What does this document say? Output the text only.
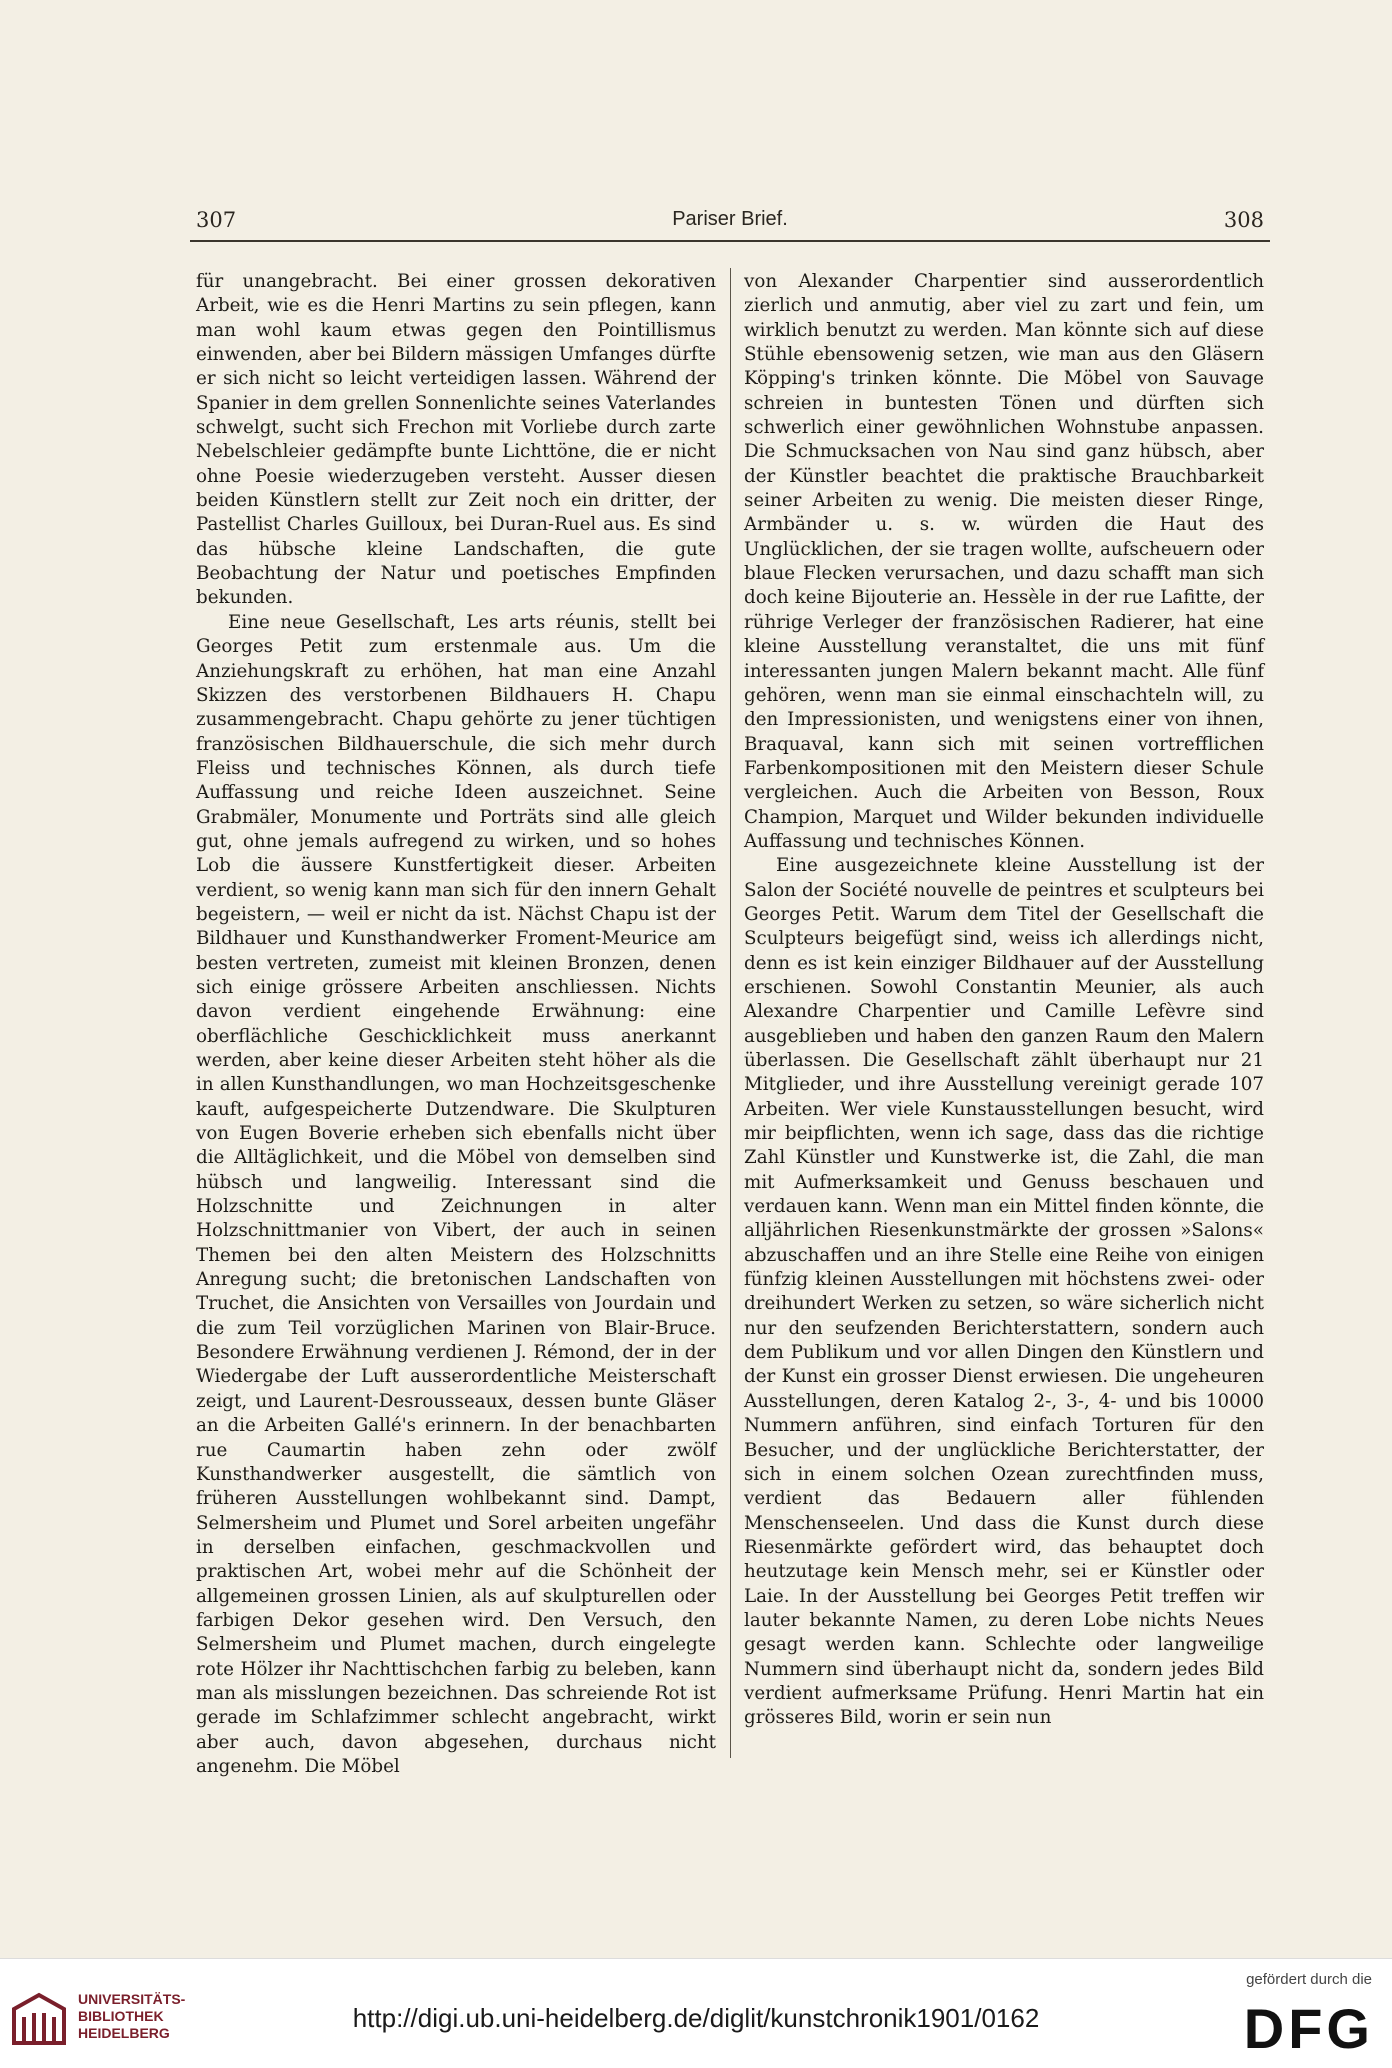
307	Pariser Brief.	308

für unangebracht. Bei einer grossen dekorativen Arbeit, wie es die Henri Martins zu sein pflegen, kann man wohl kaum etwas gegen den Pointillismus einwenden, aber bei Bildern mässigen Umfanges dürfte er sich nicht so leicht verteidigen lassen. Während der Spanier in dem grellen Sonnenlichte seines Vaterlandes schwelgt, sucht sich Frechon mit Vorliebe durch zarte Nebelschleier gedämpfte bunte Lichttöne, die er nicht ohne Poesie wiederzugeben versteht. Ausser diesen beiden Künstlern stellt zur Zeit noch ein dritter, der Pastellist Charles Guilloux, bei Duran-Ruel aus. Es sind das hübsche kleine Landschaften, die gute Beobachtung der Natur und poetisches Empfinden bekunden.

Eine neue Gesellschaft, Les arts réunis, stellt bei Georges Petit zum erstenmale aus. Um die Anziehungskraft zu erhöhen, hat man eine Anzahl Skizzen des verstorbenen Bildhauers H. Chapu zusammengebracht. Chapu gehörte zu jener tüchtigen französischen Bildhauerschule, die sich mehr durch Fleiss und technisches Können, als durch tiefe Auffassung und reiche Ideen auszeichnet. Seine Grabmäler, Monumente und Porträts sind alle gleich gut, ohne jemals aufregend zu wirken, und so hohes Lob die äussere Kunstfertigkeit dieser. Arbeiten verdient, so wenig kann man sich für den innern Gehalt begeistern, — weil er nicht da ist. Nächst Chapu ist der Bildhauer und Kunsthandwerker Froment-Meurice am besten vertreten, zumeist mit kleinen Bronzen, denen sich einige grössere Arbeiten anschliessen. Nichts davon verdient eingehende Erwähnung: eine oberflächliche Geschicklichkeit muss anerkannt werden, aber keine dieser Arbeiten steht höher als die in allen Kunsthandlungen, wo man Hochzeitsgeschenke kauft, aufgespeicherte Dutzendware. Die Skulpturen von Eugen Boverie erheben sich ebenfalls nicht über die Alltäglichkeit, und die Möbel von demselben sind hübsch und langweilig. Interessant sind die Holzschnitte und Zeichnungen in alter Holzschnittmanier von Vibert, der auch in seinen Themen bei den alten Meistern des Holzschnitts Anregung sucht; die bretonischen Landschaften von Truchet, die Ansichten von Versailles von Jourdain und die zum Teil vorzüglichen Marinen von Blair-Bruce. Besondere Erwähnung verdienen J. Rémond, der in der Wiedergabe der Luft ausserordentliche Meisterschaft zeigt, und Laurent-Desrousseaux, dessen bunte Gläser an die Arbeiten Gallé's erinnern. In der benachbarten rue Caumartin haben zehn oder zwölf Kunsthandwerker ausgestellt, die sämtlich von früheren Ausstellungen wohlbekannt sind. Dampt, Selmersheim und Plumet und Sorel arbeiten ungefähr in derselben einfachen, geschmackvollen und praktischen Art, wobei mehr auf die Schönheit der allgemeinen grossen Linien, als auf skulpturellen oder farbigen Dekor gesehen wird. Den Versuch, den Selmersheim und Plumet machen, durch eingelegte rote Hölzer ihr Nachttischchen farbig zu beleben, kann man als misslungen bezeichnen. Das schreiende Rot ist gerade im Schlafzimmer schlecht angebracht, wirkt aber auch, davon abgesehen, durchaus nicht angenehm. Die Möbel

von Alexander Charpentier sind ausserordentlich zierlich und anmutig, aber viel zu zart und fein, um wirklich benutzt zu werden. Man könnte sich auf diese Stühle ebensowenig setzen, wie man aus den Gläsern Köpping's trinken könnte. Die Möbel von Sauvage schreien in buntesten Tönen und dürften sich schwerlich einer gewöhnlichen Wohnstube anpassen. Die Schmucksachen von Nau sind ganz hübsch, aber der Künstler beachtet die praktische Brauchbarkeit seiner Arbeiten zu wenig. Die meisten dieser Ringe, Armbänder u. s. w. würden die Haut des Unglücklichen, der sie tragen wollte, aufscheuern oder blaue Flecken verursachen, und dazu schafft man sich doch keine Bijouterie an. Hessèle in der rue Lafitte, der rührige Verleger der französischen Radierer, hat eine kleine Ausstellung veranstaltet, die uns mit fünf interessanten jungen Malern bekannt macht. Alle fünf gehören, wenn man sie einmal einschachteln will, zu den Impressionisten, und wenigstens einer von ihnen, Braquaval, kann sich mit seinen vortrefflichen Farbenkompositionen mit den Meistern dieser Schule vergleichen. Auch die Arbeiten von Besson, Roux Champion, Marquet und Wilder bekunden individuelle Auffassung und technisches Können.

Eine ausgezeichnete kleine Ausstellung ist der Salon der Société nouvelle de peintres et sculpteurs bei Georges Petit. Warum dem Titel der Gesellschaft die Sculpteurs beigefügt sind, weiss ich allerdings nicht, denn es ist kein einziger Bildhauer auf der Ausstellung erschienen. Sowohl Constantin Meunier, als auch Alexandre Charpentier und Camille Lefèvre sind ausgeblieben und haben den ganzen Raum den Malern überlassen. Die Gesellschaft zählt überhaupt nur 21 Mitglieder, und ihre Ausstellung vereinigt gerade 107 Arbeiten. Wer viele Kunstausstellungen besucht, wird mir beipflichten, wenn ich sage, dass das die richtige Zahl Künstler und Kunstwerke ist, die Zahl, die man mit Aufmerksamkeit und Genuss beschauen und verdauen kann. Wenn man ein Mittel finden könnte, die alljährlichen Riesenkunstmärkte der grossen »Salons« abzuschaffen und an ihre Stelle eine Reihe von einigen fünfzig kleinen Ausstellungen mit höchstens zwei- oder dreihundert Werken zu setzen, so wäre sicherlich nicht nur den seufzenden Berichterstattern, sondern auch dem Publikum und vor allen Dingen den Künstlern und der Kunst ein grosser Dienst erwiesen. Die ungeheuren Ausstellungen, deren Katalog 2-, 3-, 4- und bis 10000 Nummern anführen, sind einfach Torturen für den Besucher, und der unglückliche Berichterstatter, der sich in einem solchen Ozean zurechtfinden muss, verdient das Bedauern aller fühlenden Menschenseelen. Und dass die Kunst durch diese Riesenmärkte gefördert wird, das behauptet doch heutzutage kein Mensch mehr, sei er Künstler oder Laie. In der Ausstellung bei Georges Petit treffen wir lauter bekannte Namen, zu deren Lobe nichts Neues gesagt werden kann. Schlechte oder langweilige Nummern sind überhaupt nicht da, sondern jedes Bild verdient aufmerksame Prüfung. Henri Martin hat ein grösseres Bild, worin er sein nun

UNIVERSITÄTS-
BIBLIOTHEK
HEIDELBERG	http://digi.ub.uni-heidelberg.de/diglit/kunstchronik1901/0162
gefördert durch die
DFG
